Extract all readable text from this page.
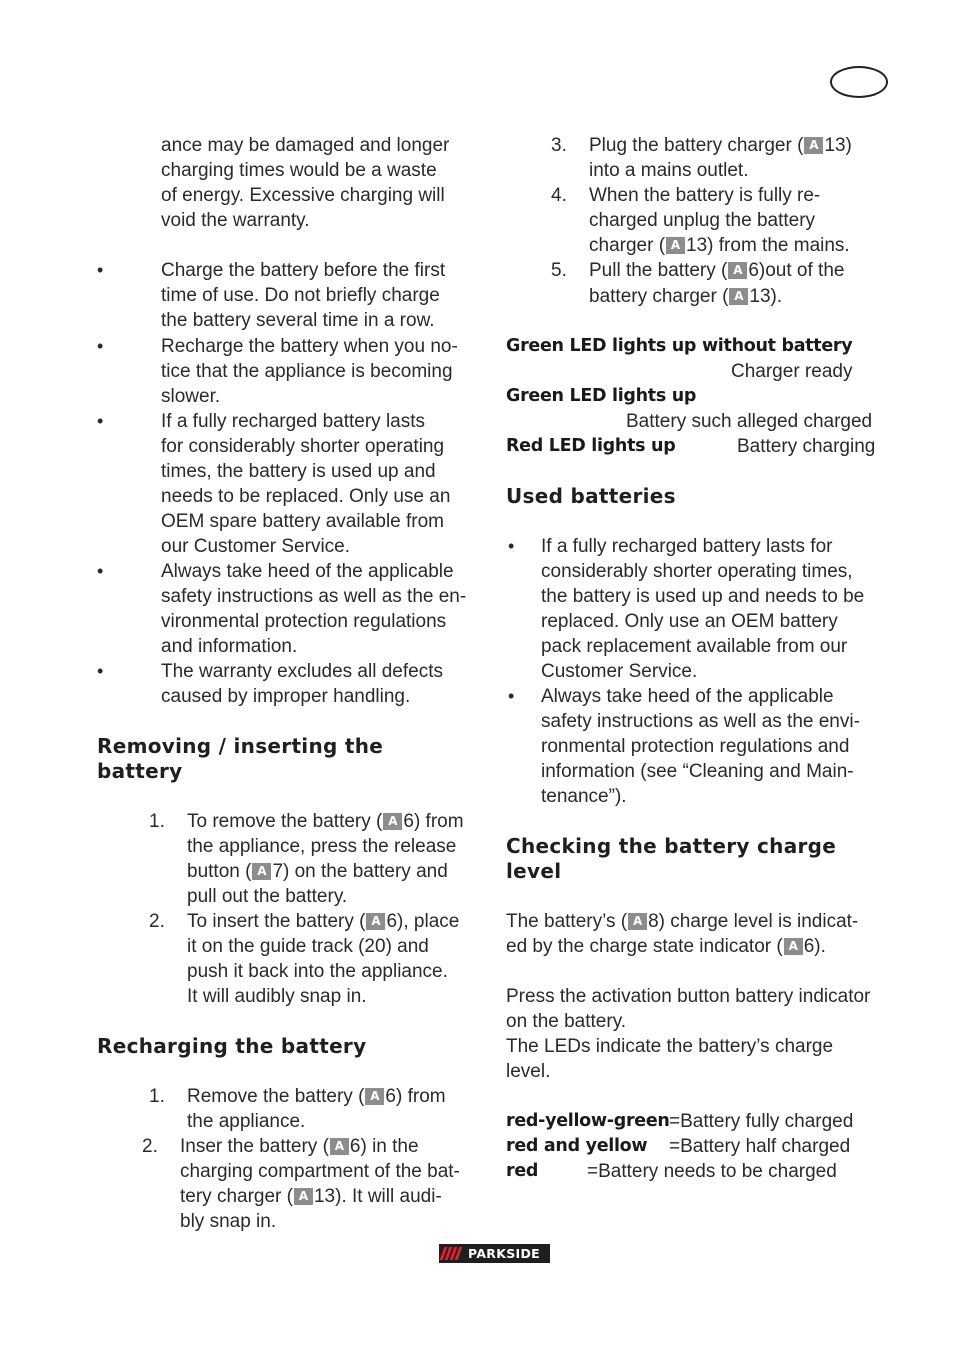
ance may be damaged and longer
charging times would be a waste
of energy. Excessive charging will
void the warranty.
•	Charge the battery before the first
time of use. Do not briefly charge
the battery several time in a row.
•	Recharge the battery when you no-
tice that the appliance is becoming
slower.
•	If a fully recharged battery lasts
for considerably shorter operating
times, the battery is used up and
needs to be replaced. Only use an
OEM spare battery available from
our Customer Service.
•	Always take heed of the applicable
safety instructions as well as the en-
vironmental protection regulations
and information.
•	The warranty excludes all defects
caused by improper handling.
Removing / inserting the
battery
1. To remove the battery ( A 6) from
the appliance, press the release
button ( A 7) on the battery and
pull out the battery.
2. To insert the battery ( A 6), place
it on the guide track (20) and
push it back into the appliance.
It will audibly snap in.
Recharging the battery
1. Remove the battery ( A 6) from
the appliance.
2. Inser the battery ( A 6) in the
charging compartment of the bat-
tery charger ( A 13). It will audi-
bly snap in.
3. Plug the battery charger ( A 13)
into a mains outlet.
4. When the battery is fully re-
charged unplug the battery
charger ( A 13) from the mains.
5. Pull the battery ( A 6)out of the
battery charger ( A 13).
Green LED lights up without battery
Charger ready
Green LED lights up
Battery such alleged charged
Red LED lights up	Battery charging
Used batteries
• If a fully recharged battery lasts for
considerably shorter operating times,
the battery is used up and needs to be
replaced. Only use an OEM battery
pack replacement available from our
Customer Service.
• Always take heed of the applicable
safety instructions as well as the envi-
ronmental protection regulations and
information (see “Cleaning and Main-
tenance”).
Checking the battery charge
level
The battery’s ( A 8) charge level is indicat-
ed by the charge state indicator ( A 6).
Press the activation button battery indicator
on the battery.
The LEDs indicate the battery’s charge
level.
red-yellow-green =Battery fully charged
red and yellow =Battery half charged
red	=Battery needs to be charged
PARKSIDE
